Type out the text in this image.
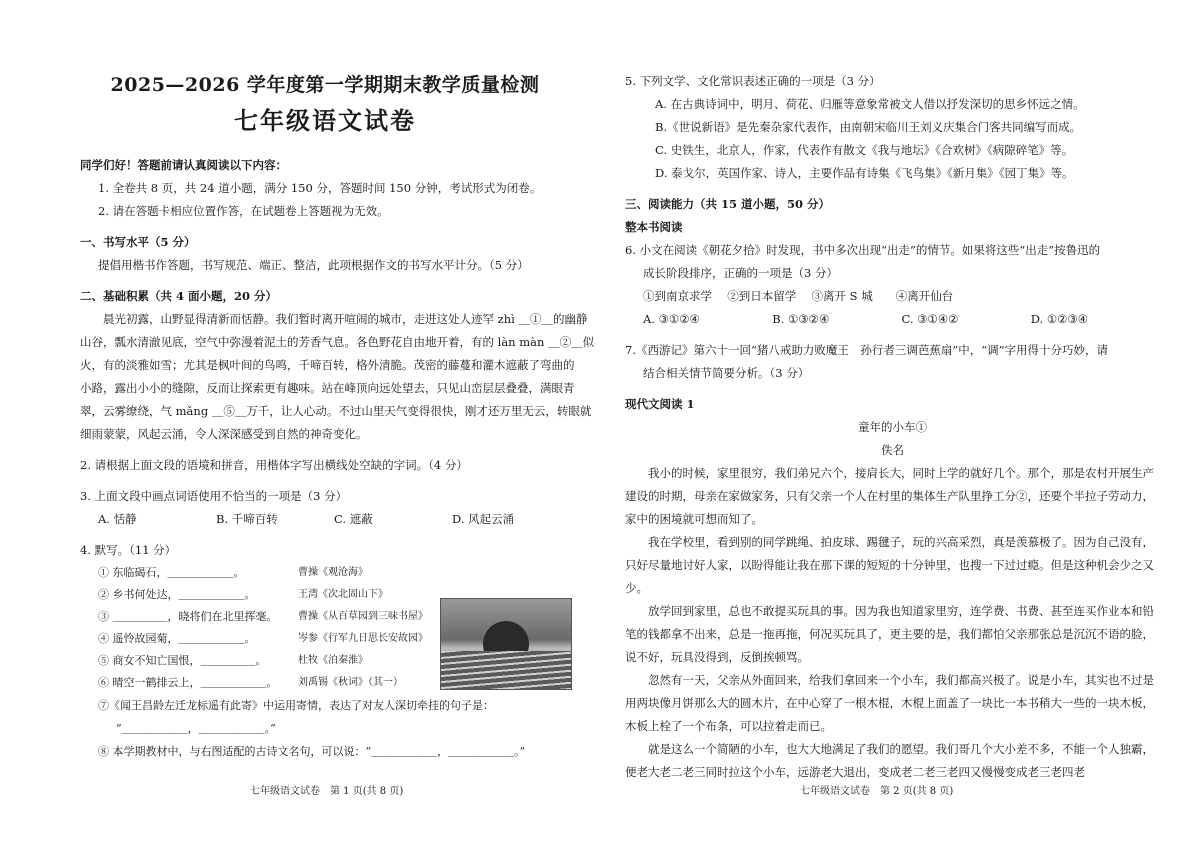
2025—2026 学年度第一学期期末教学质量检测
七年级语文试卷
同学们好！答题前请认真阅读以下内容：
1. 全卷共 8 页，共 24 道小题，满分 150 分，答题时间 150 分钟，考试形式为闭卷。
2. 请在答题卡相应位置作答，在试题卷上答题视为无效。
一、书写水平（5 分）
提倡用楷书作答题，书写规范、端正、整洁，此项根据作文的书写水平计分。（5 分）
二、基础积累（共 4 面小题，20 分）
晨光初露，山野显得清新而恬静。我们暂时离开喧闹的城市，走进这处人迹罕 zhì ＿①＿的幽静
山谷，瓢水清澈见底，空气中弥漫着泥土的芳香气息。各色野花自由地开着，有的 làn màn ＿②＿似
火，有的淡雅如雪；尤其是枫叶间的鸟鸣，千啼百转，格外清脆。茂密的藤蔓和灌木遮蔽了弯曲的
小路，露出小小的缝隙，反而让探索更有趣味。站在峰顶向远处望去，只见山峦层层叠叠，满眼青
翠，云雾缭绕，气 mǎng ＿⑤＿万千，让人心动。不过山里天气变得很快，刚才还万里无云，转眼就
细雨蒙蒙，风起云涌，令人深深感受到自然的神奇变化。
2. 请根据上面文段的语境和拼音，用楷体字写出横线处空缺的字词。（4 分）
3. 上面文段中画点词语使用不恰当的一项是（3 分）
A. 恬静	B. 千啼百转	C. 遮蔽	D. 风起云涌
4. 默写。（11 分）
① 东临碣石，＿＿＿＿＿＿。	曹操《观沧海》
② 乡书何处达，＿＿＿＿＿＿。	王湾《次北固山下》
③ ＿＿＿＿＿，晓将们在北里挥毫。	曹操《从百草园到三味书屋》
④ 遥怜故园菊，＿＿＿＿＿＿。	岑参《行军九日思长安故园》
⑤ 商女不知亡国恨，＿＿＿＿＿。	杜牧《泊秦淮》
⑥ 晴空一鹤排云上，＿＿＿＿＿＿。	刘禹锡《秋词》（其一）
⑦《闻王昌龄左迁龙标遥有此寄》中运用寄情，表达了对友人深切牵挂的句子是：
“＿＿＿＿＿＿，＿＿＿＿＿＿。”
⑧ 本学期教材中，与右图适配的古诗文名句，可以说：“＿＿＿＿＿＿，＿＿＿＿＿＿。”
七年级语文试卷　第 1 页(共 8 页)
5. 下列文学、文化常识表述正确的一项是（3 分）
A. 在古典诗词中，明月、荷花、归雁等意象常被文人借以抒发深切的思乡怀远之情。
B.《世说新语》是先秦杂家代表作，由南朝宋临川王刘义庆集合门客共同编写而成。
C. 史铁生，北京人，作家，代表作有散文《我与地坛》《合欢树》《病隙碎笔》等。
D. 泰戈尔，英国作家、诗人，主要作品有诗集《飞鸟集》《新月集》《园丁集》等。
三、阅读能力（共 15 道小题，50 分）
整本书阅读
6. 小文在阅读《朝花夕拾》时发现，书中多次出现“出走”的情节。如果将这些“出走”按鲁迅的
成长阶段排序，正确的一项是（3 分）
①到南京求学	②到日本留学	③离开 S 城	④离开仙台
A. ③①②④	B. ①③②④	C. ③①④②	D. ①②③④
7.《西游记》第六十一回“猪八戒助力败魔王　孙行者三调芭蕉扇”中，“调”字用得十分巧妙，请
结合相关情节简要分析。（3 分）
现代文阅读 1
童年的小车①
佚名

我小的时候，家里很穷，我们弟兄六个，接肩长大，同时上学的就好几个。那个，那是农村开展生产建设的时期，母亲在家做家务，只有父亲一个人在村里的集体生产队里挣工分②，还要个半拉子劳动力，家中的困境就可想而知了。

我在学校里，看到别的同学跳绳、拍皮球、踢毽子，玩的兴高采烈，真是羡慕极了。因为自己没有，只好尽量地讨好人家，以盼得能让我在那下课的短短的十分钟里，也搜一下过过瘾。但是这种机会少之又少。

放学回到家里，总也不敢提买玩具的事。因为我也知道家里穷，连学费、书费、甚至连买作业本和铅笔的钱都拿不出来，总是一拖再拖，何况买玩具了，更主要的是，我们都怕父亲那张总是沉沉不语的脸，说不好，玩具没得到，反倒挨顿骂。

忽然有一天，父亲从外面回来，给我们拿回来一个小车，我们都高兴极了。说是小车，其实也不过是用两块像月饼那么大的圆木片，在中心穿了一根木棍，木棍上面盖了一块比一本书稍大一些的一块木板，木板上栓了一个布条，可以拉着走而已。

就是这么一个简陋的小车，也大大地满足了我们的愿望。我们哥几个大小差不多，不能一个人独霸，便老大老二老三同时拉这个小车，远游老大退出，变成老二老三老四又慢慢变成老三老四老

七年级语文试卷　第 2 页(共 8 页)
